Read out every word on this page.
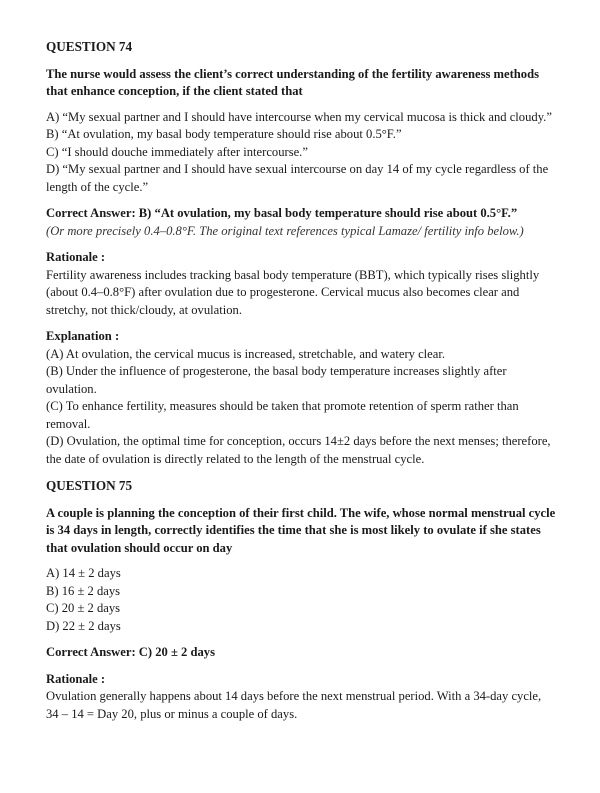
QUESTION 74
The nurse would assess the client’s correct understanding of the fertility awareness methods that enhance conception, if the client stated that
A) “My sexual partner and I should have intercourse when my cervical mucosa is thick and cloudy.”
B) “At ovulation, my basal body temperature should rise about 0.5°F.”
C) “I should douche immediately after intercourse.”
D) “My sexual partner and I should have sexual intercourse on day 14 of my cycle regardless of the length of the cycle.”
Correct Answer: B) “At ovulation, my basal body temperature should rise about 0.5°F.”
(Or more precisely 0.4–0.8°F. The original text references typical Lamaze/ fertility info below.)
Rationale :
Fertility awareness includes tracking basal body temperature (BBT), which typically rises slightly (about 0.4–0.8°F) after ovulation due to progesterone. Cervical mucus also becomes clear and stretchy, not thick/cloudy, at ovulation.
Explanation :
(A) At ovulation, the cervical mucus is increased, stretchable, and watery clear.
(B) Under the influence of progesterone, the basal body temperature increases slightly after ovulation.
(C) To enhance fertility, measures should be taken that promote retention of sperm rather than removal.
(D) Ovulation, the optimal time for conception, occurs 14±2 days before the next menses; therefore, the date of ovulation is directly related to the length of the menstrual cycle.
QUESTION 75
A couple is planning the conception of their first child. The wife, whose normal menstrual cycle is 34 days in length, correctly identifies the time that she is most likely to ovulate if she states that ovulation should occur on day
A) 14 ± 2 days
B) 16 ± 2 days
C) 20 ± 2 days
D) 22 ± 2 days
Correct Answer: C) 20 ± 2 days
Rationale :
Ovulation generally happens about 14 days before the next menstrual period. With a 34-day cycle, 34 – 14 = Day 20, plus or minus a couple of days.
